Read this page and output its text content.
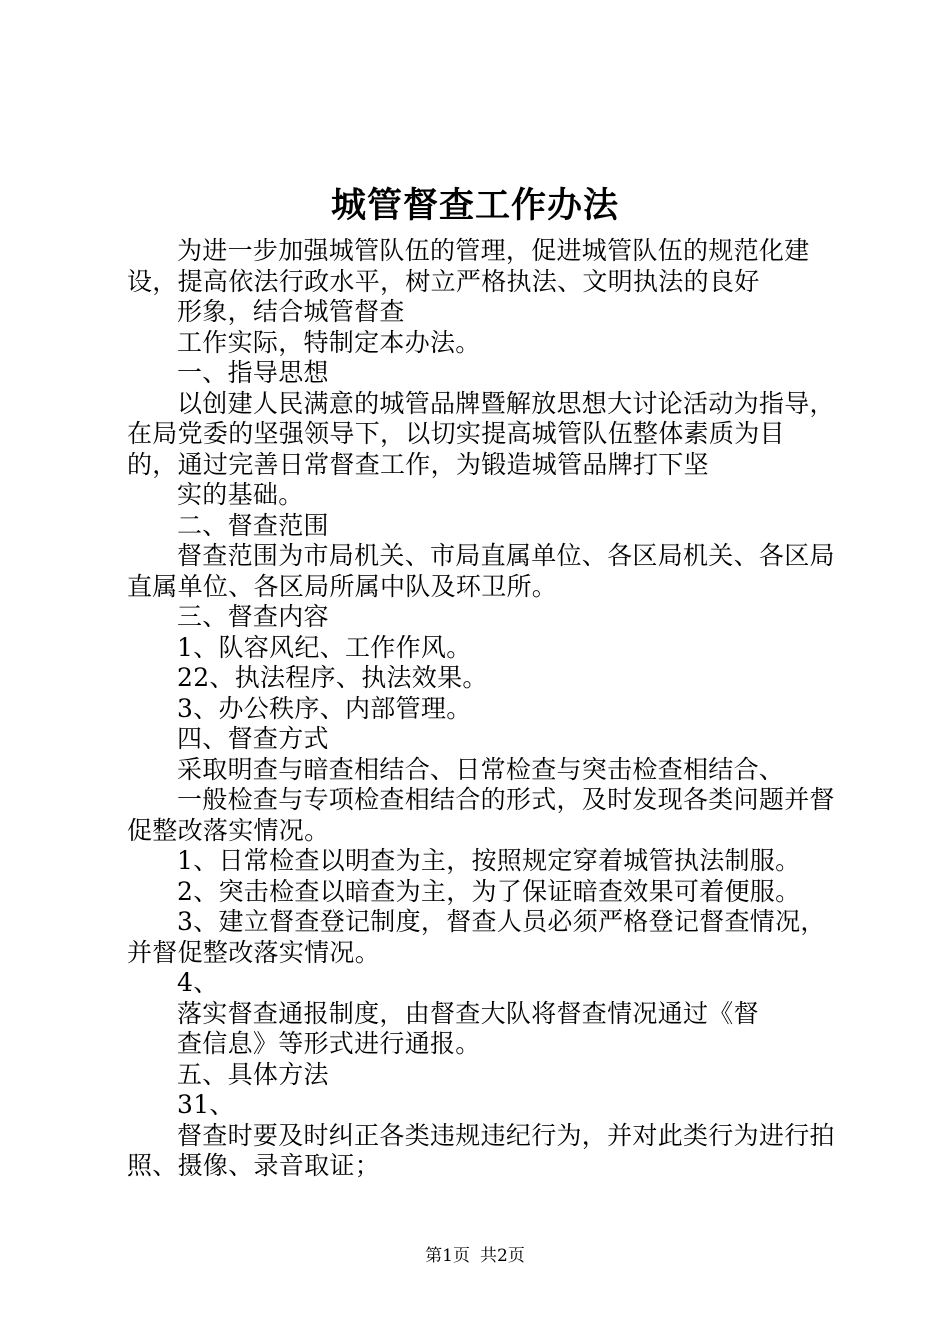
城管督查工作办法

为进一步加强城管队伍的管理，促进城管队伍的规范化建设，提高依法行政水平，树立严格执法、文明执法的良好

形象，结合城管督查

工作实际，特制定本办法。

一、指导思想

以创建人民满意的城管品牌暨解放思想大讨论活动为指导，在局党委的坚强领导下，以切实提高城管队伍整体素质为目的，通过完善日常督查工作，为锻造城管品牌打下坚

实的基础。

二、督查范围

督查范围为市局机关、市局直属单位、各区局机关、各区局直属单位、各区局所属中队及环卫所。

三、督查内容

1、队容风纪、工作作风。

22、执法程序、执法效果。

3、办公秩序、内部管理。

四、督查方式

采取明查与暗查相结合、日常检查与突击检查相结合、

一般检查与专项检查相结合的形式，及时发现各类问题并督促整改落实情况。

1、日常检查以明查为主，按照规定穿着城管执法制服。

2、突击检查以暗查为主，为了保证暗查效果可着便服。

3、建立督查登记制度，督查人员必须严格登记督查情况，并督促整改落实情况。

4、

落实督查通报制度，由督查大队将督查情况通过《督

查信息》等形式进行通报。

五、具体方法

31、

督查时要及时纠正各类违规违纪行为，并对此类行为进行拍照、摄像、录音取证；

第1页 共2页
